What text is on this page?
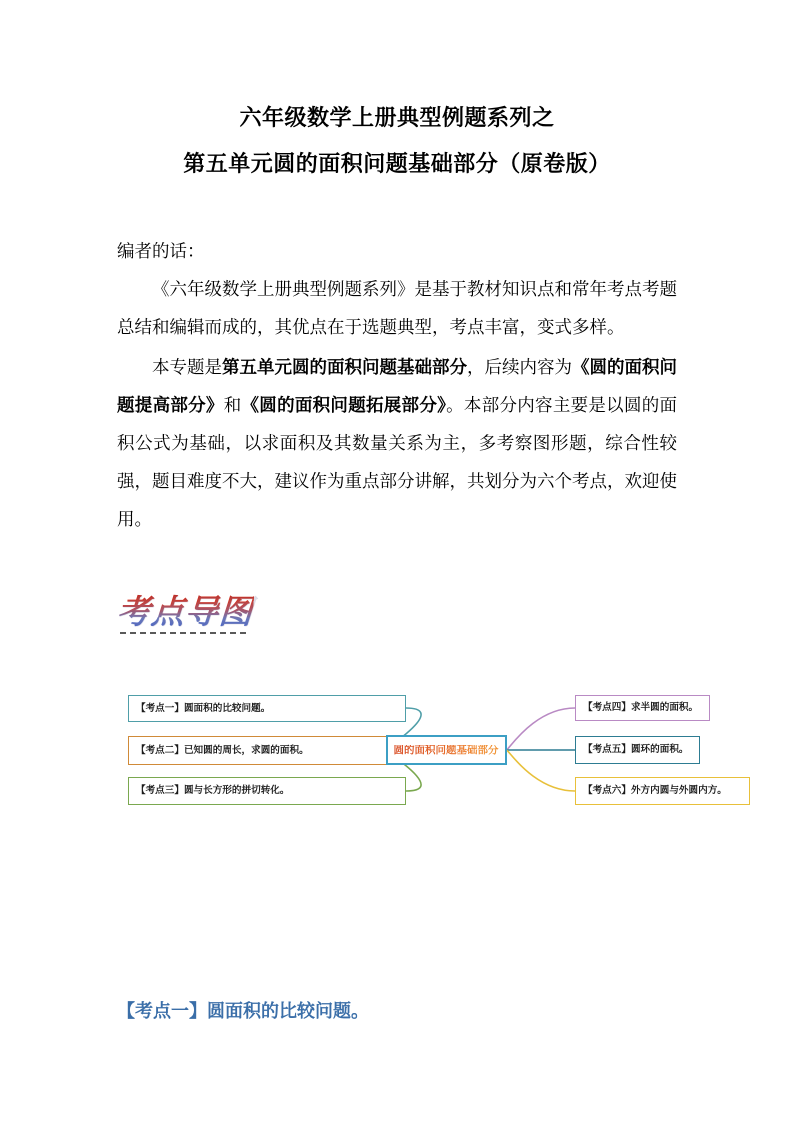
六年级数学上册典型例题系列之
第五单元圆的面积问题基础部分（原卷版）
编者的话：
《六年级数学上册典型例题系列》是基于教材知识点和常年考点考题总结和编辑而成的，其优点在于选题典型，考点丰富，变式多样。
本专题是第五单元圆的面积问题基础部分，后续内容为《圆的面积问题提高部分》和《圆的面积问题拓展部分》。本部分内容主要是以圆的面积公式为基础，以求面积及其数量关系为主，多考察图形题，综合性较强，题目难度不大，建议作为重点部分讲解，共划分为六个考点，欢迎使用。
考点导图
【考点一】圆面积的比较问题。
【考点二】已知圆的周长，求圆的面积。
【考点三】圆与长方形的拼切转化。
圆的面积问题基础部分
【考点四】求半圆的面积。
【考点五】圆环的面积。
【考点六】外方内圆与外圆内方。
【考点一】圆面积的比较问题。
